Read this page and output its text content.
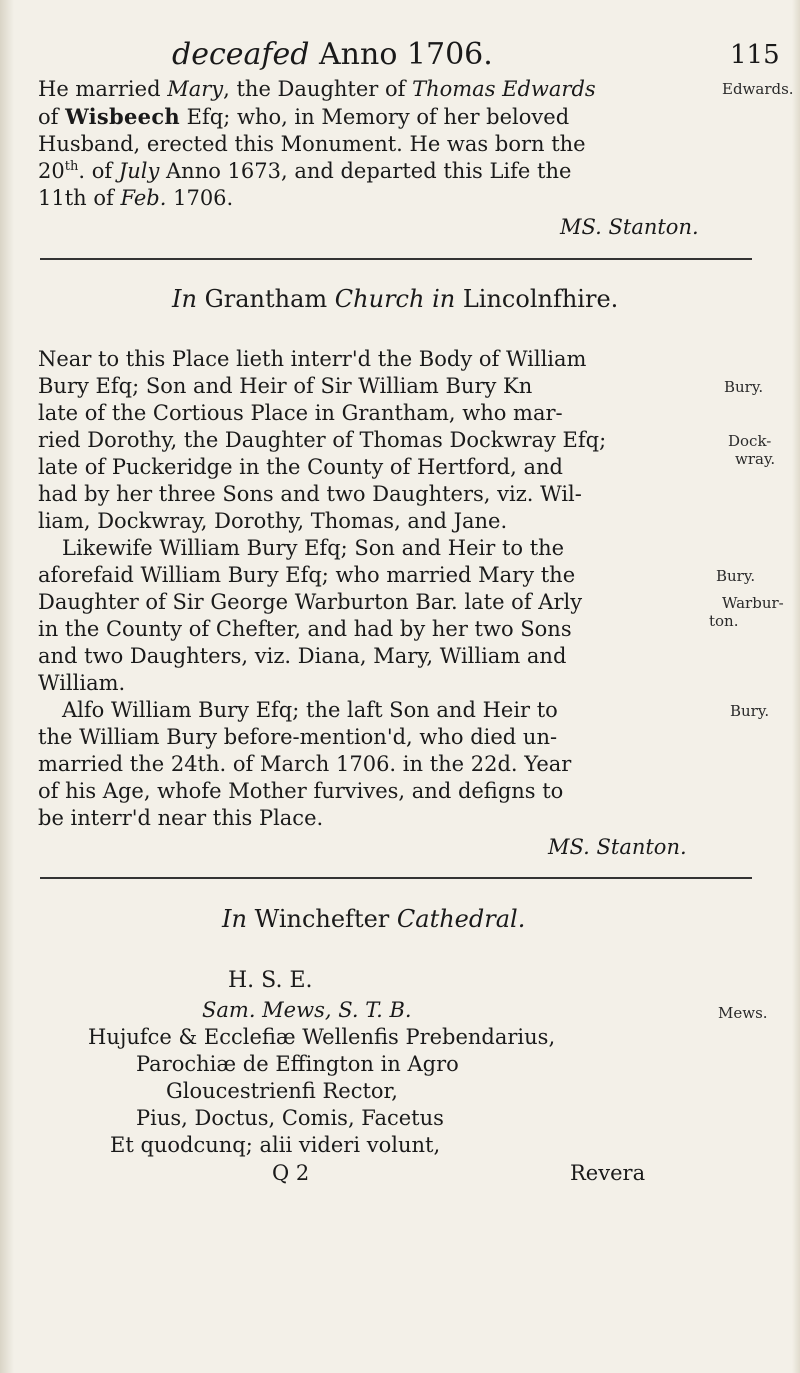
deceafed Anno 1706.	115
He married Mary, the Daughter of Thomas Edwards	Edwards.
of Wisbeech Efq; who, in Memory of her beloved
Husband, erected this Monument. He was born the
20th. of July Anno 1673, and departed this Life the
11th of Feb. 1706.
MS. Stanton.
In Grantham Church in Lincolnfhire.
Near to this Place lieth interr'd the Body of William
Bury Efq; Son and Heir of Sir William Bury Kn	Bury.
late of the Cortious Place in Grantham, who mar-
ried Dorothy, the Daughter of Thomas Dockwray Efq;	Dock-
late of Puckeridge in the County of Hertford, and	wray.
had by her three Sons and two Daughters, viz. Wil-
liam, Dockwray, Dorothy, Thomas, and Jane.
Likewife William Bury Efq; Son and Heir to the
aforefaid William Bury Efq; who married Mary the	Bury.
Daughter of Sir George Warburton Bar. late of Arly	Warbur-
in the County of Chefter, and had by her two Sons	ton.
and two Daughters, viz. Diana, Mary, William and
William.
Alfo William Bury Efq; the laft Son and Heir to	Bury.
the William Bury before-mention'd, who died un-
married the 24th. of March 1706. in the 22d. Year
of his Age, whofe Mother furvives, and defigns to
be interr'd near this Place.
MS. Stanton.
In Winchefter Cathedral.
H. S. E.
Sam. Mews, S. T. B.	Mews.
Hujufce & Ecclefiæ Wellenfis Prebendarius,
Parochiæ de Effington in Agro
Gloucestrienfi Rector,
Pius, Doctus, Comis, Facetus
Et quodcunq; alii videri volunt,
Q 2	Revera
